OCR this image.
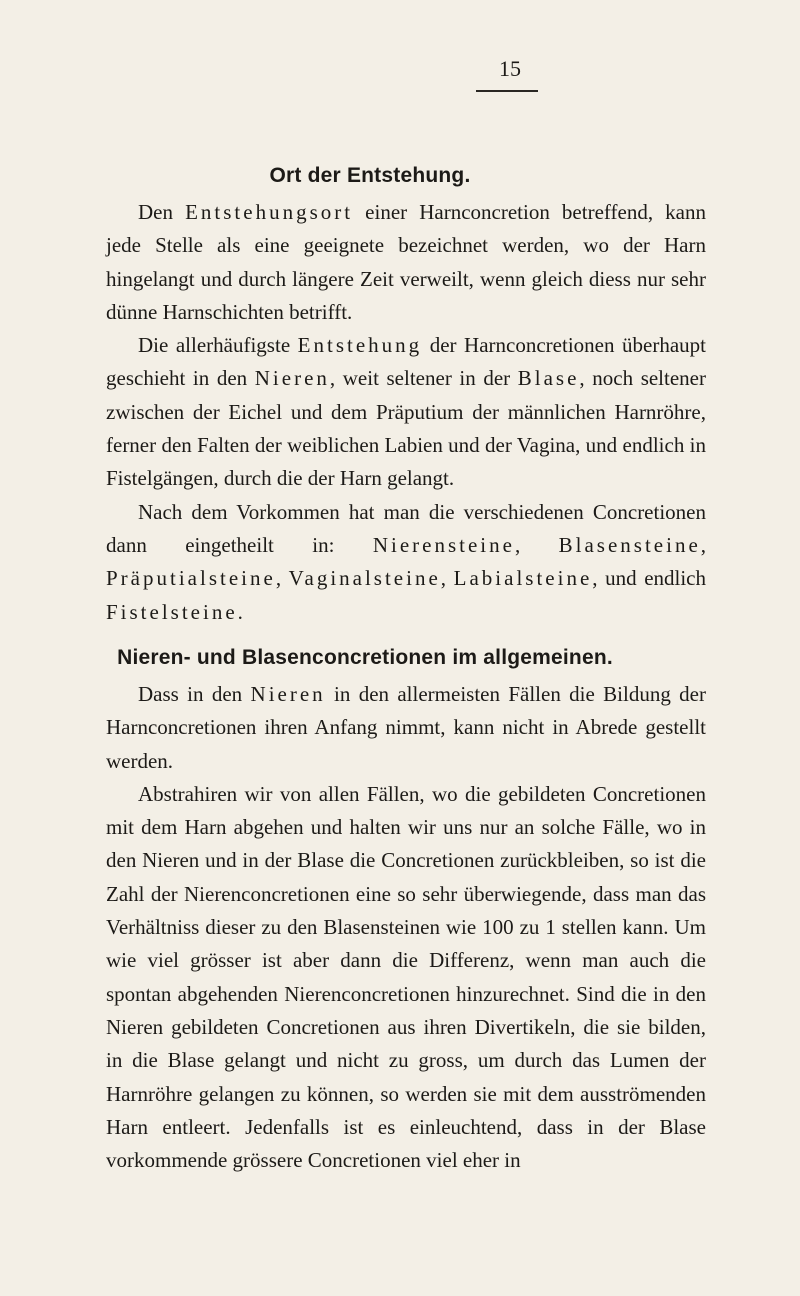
15
Ort der Entstehung.

Den Entstehungsort einer Harnconcretion betreffend, kann jede Stelle als eine geeignete bezeichnet werden, wo der Harn hingelangt und durch längere Zeit verweilt, wenn gleich diess nur sehr dünne Harnschichten betrifft.

Die allerhäufigste Entstehung der Harnconcretionen überhaupt geschieht in den Nieren, weit seltener in der Blase, noch seltener zwischen der Eichel und dem Präputium der männlichen Harnröhre, ferner den Falten der weiblichen Labien und der Vagina, und endlich in Fistelgängen, durch die der Harn gelangt.

Nach dem Vorkommen hat man die verschiedenen Concretionen dann eingetheilt in: Nierensteine, Blasensteine, Präputialsteine, Vaginalsteine, Labialsteine, und endlich Fistelsteine.

Nieren- und Blasenconcretionen im allgemeinen.

Dass in den Nieren in den allermeisten Fällen die Bildung der Harnconcretionen ihren Anfang nimmt, kann nicht in Abrede gestellt werden.

Abstrahiren wir von allen Fällen, wo die gebildeten Concretionen mit dem Harn abgehen und halten wir uns nur an solche Fälle, wo in den Nieren und in der Blase die Concretionen zurückbleiben, so ist die Zahl der Nierenconcretionen eine so sehr überwiegende, dass man das Verhältniss dieser zu den Blasensteinen wie 100 zu 1 stellen kann. Um wie viel grösser ist aber dann die Differenz, wenn man auch die spontan abgehenden Nierenconcretionen hinzurechnet. Sind die in den Nieren gebildeten Concretionen aus ihren Divertikeln, die sie bilden, in die Blase gelangt und nicht zu gross, um durch das Lumen der Harnröhre gelangen zu können, so werden sie mit dem ausströmenden Harn entleert. Jedenfalls ist es einleuchtend, dass in der Blase vorkommende grössere Concretionen viel eher in
